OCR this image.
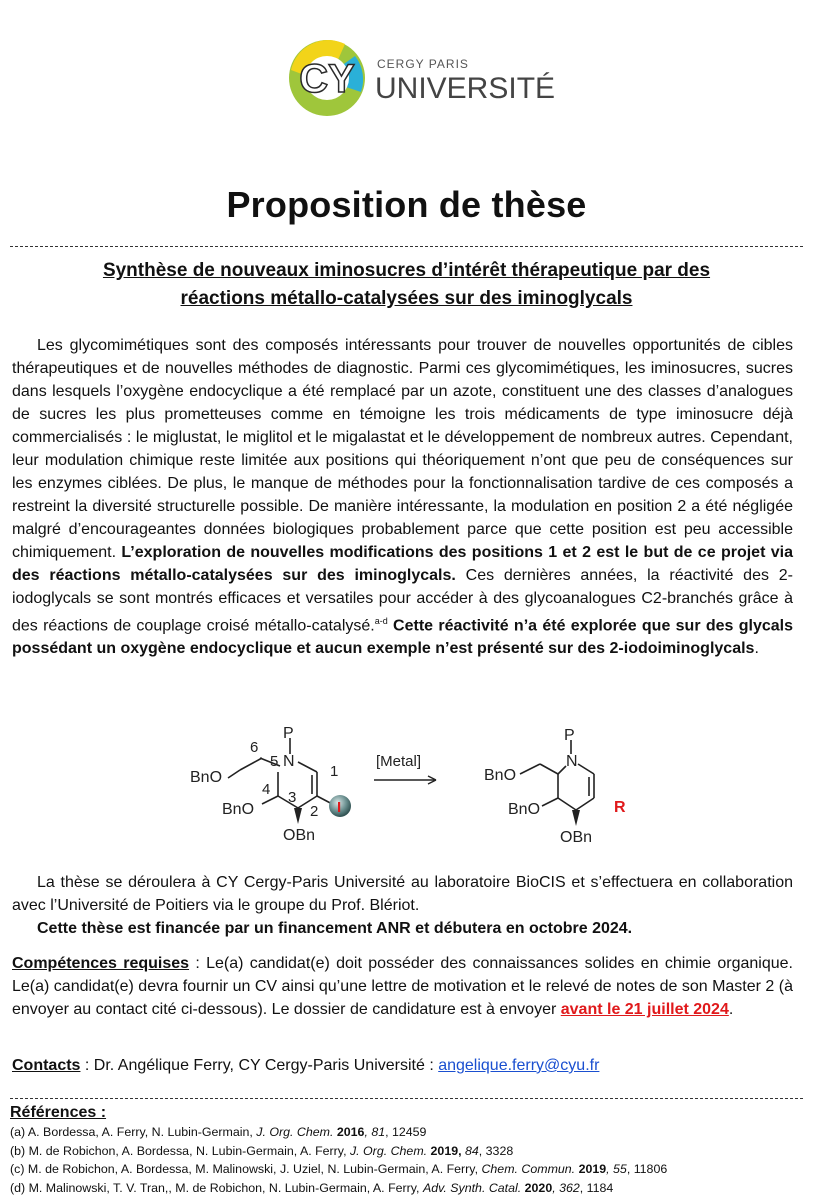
CY CERGY PARIS
UNIVERSITÉ
Proposition de thèse
Synthèse de nouveaux iminosucres d’intérêt thérapeutique par des
réactions métallo-catalysées sur des iminoglycals

Les glycomimétiques sont des composés intéressants pour trouver de nouvelles opportunités de cibles thérapeutiques et de nouvelles méthodes de diagnostic. Parmi ces glycomimétiques, les iminosucres, sucres dans lesquels l’oxygène endocyclique a été remplacé par un azote, constituent une des classes d’analogues de sucres les plus prometteuses comme en témoigne les trois médicaments de type iminosucre déjà commercialisés : le miglustat, le miglitol et le migalastat et le développement de nombreux autres. Cependant, leur modulation chimique reste limitée aux positions qui théoriquement n’ont que peu de conséquences sur les enzymes ciblées. De plus, le manque de méthodes pour la fonctionnalisation tardive de ces composés a restreint la diversité structurelle possible. De manière intéressante, la modulation en position 2 a été négligée malgré d’encourageantes données biologiques probablement parce que cette position est peu accessible chimiquement. L’exploration de nouvelles modifications des positions 1 et 2 est le but de ce projet via des réactions métallo-catalysées sur des iminoglycals. Ces dernières années, la réactivité des 2-iodoglycals se sont montrés efficaces et versatiles pour accéder à des glycoanalogues C2-branchés grâce à des réactions de couplage croisé métallo-catalysé.$^{a-d}$ Cette réactivité n’a été explorée que sur des glycals possédant un oxygène endocyclique et aucun exemple n’est présenté sur des 2-iodoiminoglycals.

P
N
BnO
BnO
OBn
6
5
1
4 3
2 I
[Metal]
P
N
BnO
BnO
OBn
R

La thèse se déroulera à CY Cergy-Paris Université au laboratoire BioCIS et s’effectuera en collaboration avec l’Université de Poitiers via le groupe du Prof. Blériot.
Cette thèse est financée par un financement ANR et débutera en octobre 2024.

Compétences requises : Le(a) candidat(e) doit posséder des connaissances solides en chimie organique. Le(a) candidat(e) devra fournir un CV ainsi qu’une lettre de motivation et le relevé de notes de son Master 2 (à envoyer au contact cité ci-dessous). Le dossier de candidature est à envoyer avant le 21 juillet 2024.

Contacts : Dr. Angélique Ferry, CY Cergy-Paris Université : angelique.ferry@cyu.fr

Références :
(a) A. Bordessa, A. Ferry, N. Lubin-Germain, J. Org. Chem. 2016, 81, 12459
(b) M. de Robichon, A. Bordessa, N. Lubin-Germain, A. Ferry, J. Org. Chem. 2019, 84, 3328
(c) M. de Robichon, A. Bordessa, M. Malinowski, J. Uziel, N. Lubin-Germain, A. Ferry, Chem. Commun. 2019, 55, 11806
(d) M. Malinowski, T. V. Tran,, M. de Robichon, N. Lubin-Germain, A. Ferry, Adv. Synth. Catal. 2020, 362, 1184
